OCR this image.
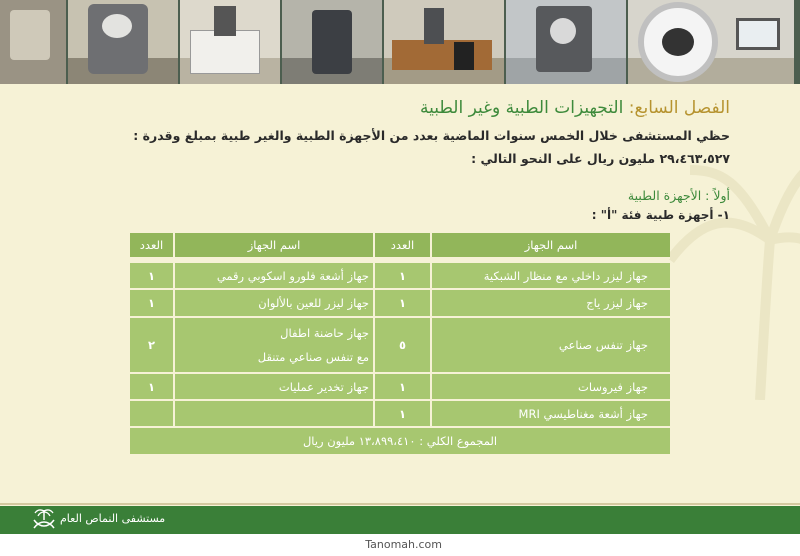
الفصل السابع: التجهيزات الطبية وغير الطبية
حظي المستشفى خلال الخمس سنوات الماضية بعدد من الأجهزة الطبية والغير طبية بمبلغ وقدرة : ٢٩،٤٦٣،٥٢٧ مليون ريال على النحو التالي :
أولاً : الأجهزة الطبية
١- أجهزة طبية فئة "أ" :
اسم الجهاز
العدد
اسم الجهاز
العدد
جهاز ليزر داخلي مع منظار الشبكية
١
جهاز أشعة فلورو اسكوبي رقمي
١
جهاز ليزر ياج
١
جهاز ليزر للعين بالألوان
١
جهاز تنفس صناعي
٥
جهاز حاضنة اطفال
مع تنفس صناعي متنقل
٢
جهاز فيروسات
١
جهاز تخدير عمليات
١
جهاز أشعة مغناطيسي MRI
١
المجموع الكلي : ١٣،٨٩٩،٤١٠ مليون ريال
مستشفى النماص العام
Tanomah.com
